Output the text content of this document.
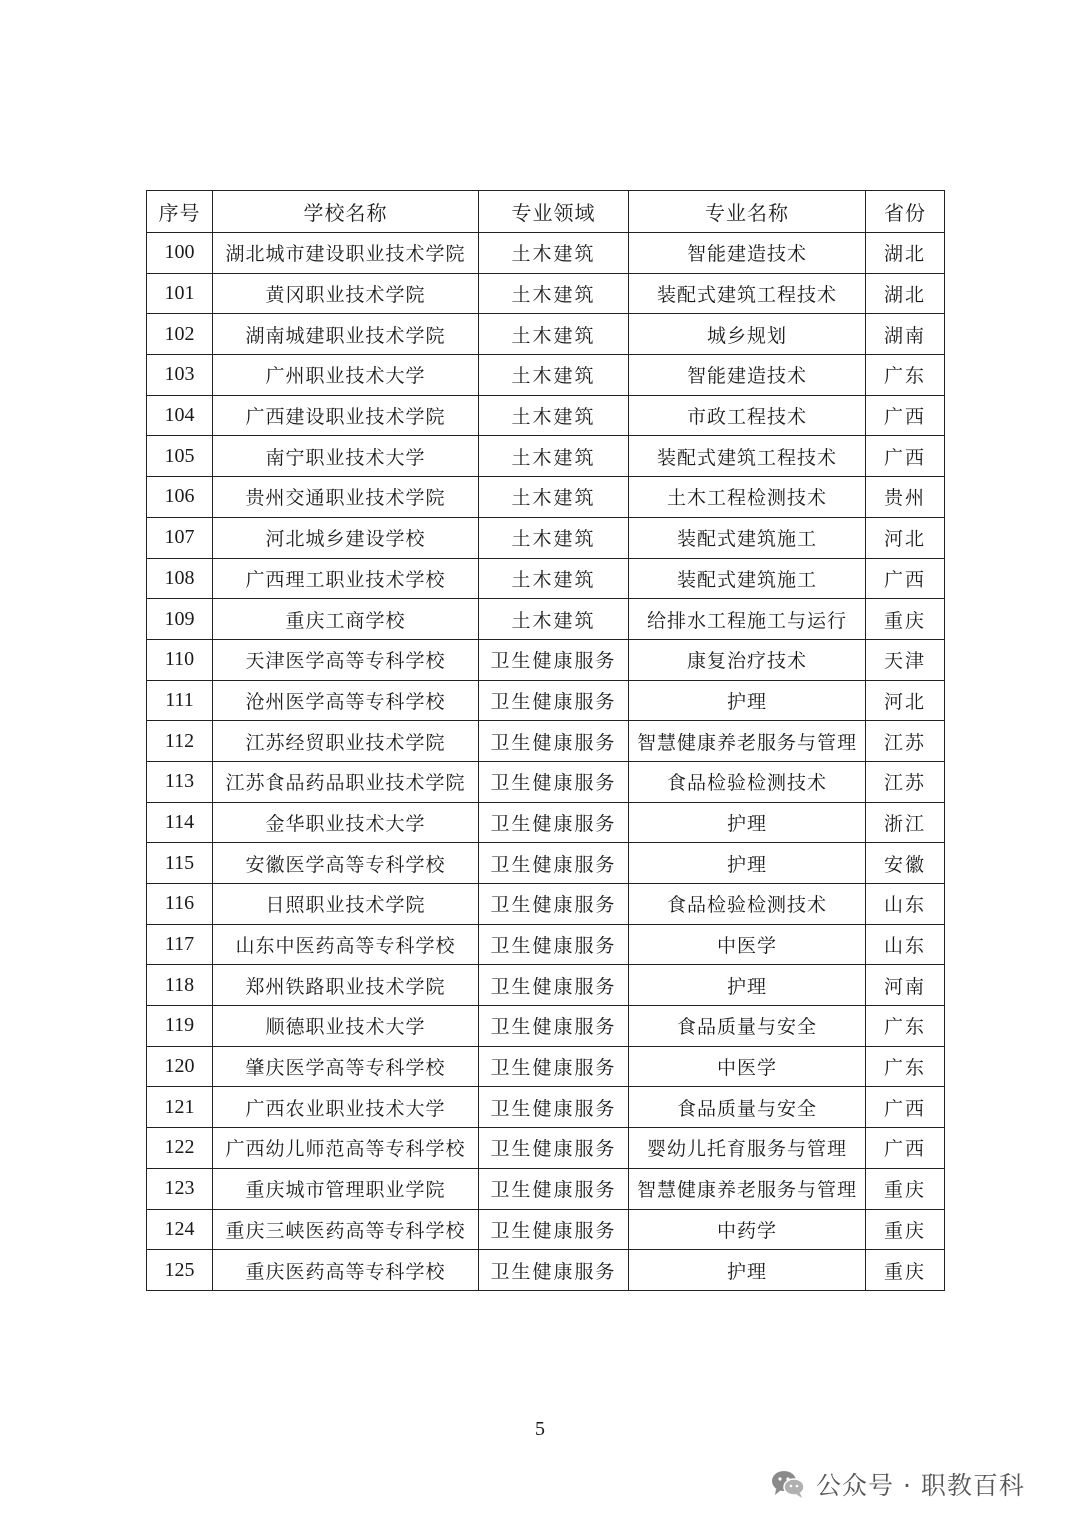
序号	学校名称	专业领域	专业名称	省份
100	湖北城市建设职业技术学院	土木建筑	智能建造技术	湖北
101	黄冈职业技术学院	土木建筑	装配式建筑工程技术	湖北
102	湖南城建职业技术学院	土木建筑	城乡规划	湖南
103	广州职业技术大学	土木建筑	智能建造技术	广东
104	广西建设职业技术学院	土木建筑	市政工程技术	广西
105	南宁职业技术大学	土木建筑	装配式建筑工程技术	广西
106	贵州交通职业技术学院	土木建筑	土木工程检测技术	贵州
107	河北城乡建设学校	土木建筑	装配式建筑施工	河北
108	广西理工职业技术学校	土木建筑	装配式建筑施工	广西
109	重庆工商学校	土木建筑	给排水工程施工与运行	重庆
110	天津医学高等专科学校	卫生健康服务	康复治疗技术	天津
111	沧州医学高等专科学校	卫生健康服务	护理	河北
112	江苏经贸职业技术学院	卫生健康服务	智慧健康养老服务与管理	江苏
113	江苏食品药品职业技术学院	卫生健康服务	食品检验检测技术	江苏
114	金华职业技术大学	卫生健康服务	护理	浙江
115	安徽医学高等专科学校	卫生健康服务	护理	安徽
116	日照职业技术学院	卫生健康服务	食品检验检测技术	山东
117	山东中医药高等专科学校	卫生健康服务	中医学	山东
118	郑州铁路职业技术学院	卫生健康服务	护理	河南
119	顺德职业技术大学	卫生健康服务	食品质量与安全	广东
120	肇庆医学高等专科学校	卫生健康服务	中医学	广东
121	广西农业职业技术大学	卫生健康服务	食品质量与安全	广西
122	广西幼儿师范高等专科学校	卫生健康服务	婴幼儿托育服务与管理	广西
123	重庆城市管理职业学院	卫生健康服务	智慧健康养老服务与管理	重庆
124	重庆三峡医药高等专科学校	卫生健康服务	中药学	重庆
125	重庆医药高等专科学校	卫生健康服务	护理	重庆
5
公众号 · 职教百科
